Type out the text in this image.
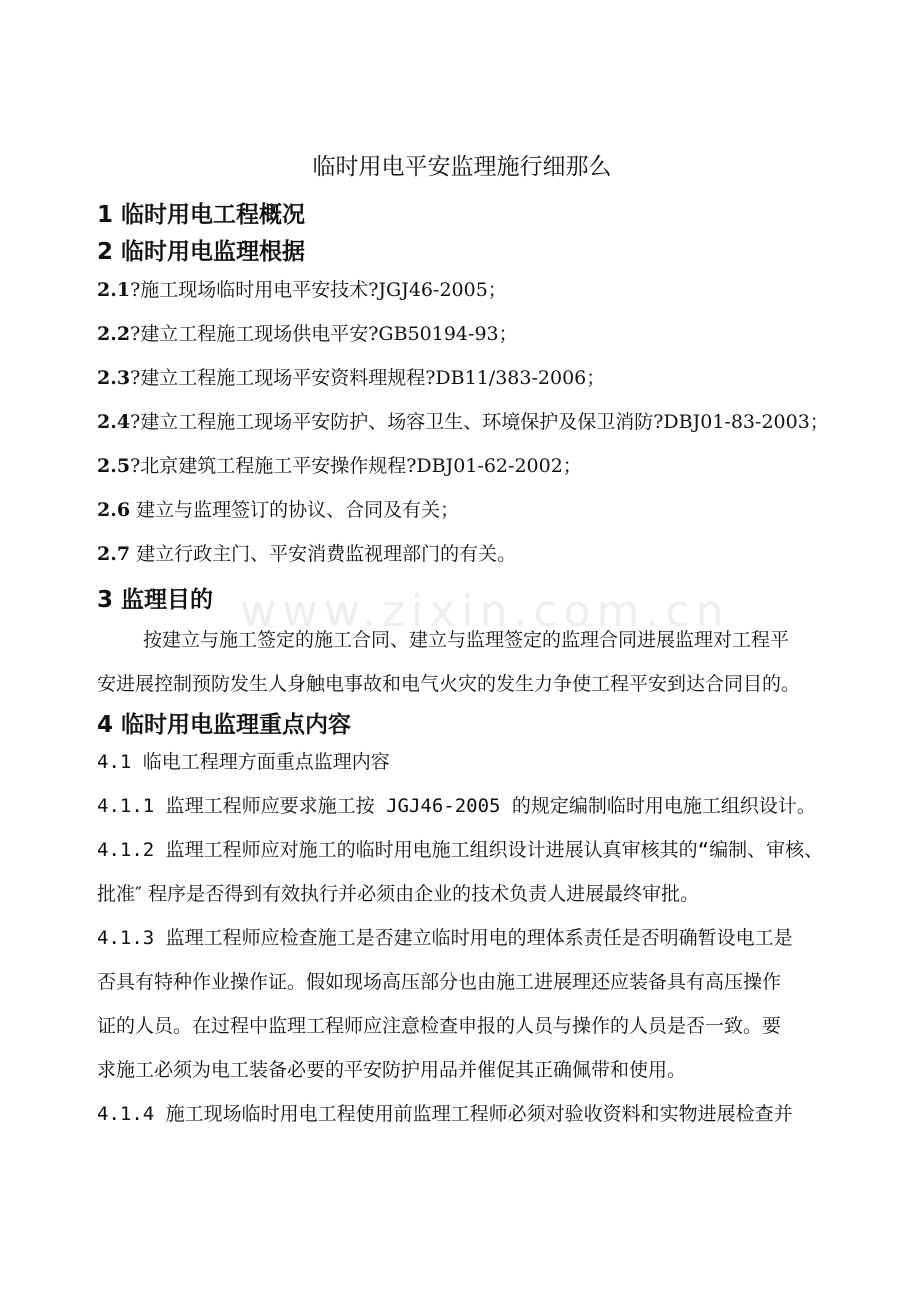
www.zixin.com.cn
临时用电平安监理施行细那么
1 临时用电工程概况
2 临时用电监理根据
2.1?施工现场临时用电平安技术?JGJ46-2005；
2.2?建立工程施工现场供电平安?GB50194-93；
2.3?建立工程施工现场平安资料理规程?DB11/383-2006；
2.4?建立工程施工现场平安防护、场容卫生、环境保护及保卫消防?DBJ01-83-2003；
2.5?北京建筑工程施工平安操作规程?DBJ01-62-2002；
2.6 建立与监理签订的协议、合同及有关；
2.7 建立行政主门、平安消费监视理部门的有关。
3 监理目的
按建立与施工签定的施工合同、建立与监理签定的监理合同进展监理对工程平
安进展控制预防发生人身触电事故和电气火灾的发生力争使工程平安到达合同目的。
4 临时用电监理重点内容
4.1 临电工程理方面重点监理内容
4.1.1 监理工程师应要求施工按 JGJ46-2005 的规定编制临时用电施工组织设计。
4.1.2 监理工程师应对施工的临时用电施工组织设计进展认真审核其的“编制、审核、
批准″ 程序是否得到有效执行并必须由企业的技术负责人进展最终审批。
4.1.3 监理工程师应检查施工是否建立临时用电的理体系责任是否明确暂设电工是
否具有特种作业操作证。假如现场高压部分也由施工进展理还应装备具有高压操作
证的人员。在过程中监理工程师应注意检查申报的人员与操作的人员是否一致。要
求施工必须为电工装备必要的平安防护用品并催促其正确佩带和使用。
4.1.4 施工现场临时用电工程使用前监理工程师必须对验收资料和实物进展检查并
